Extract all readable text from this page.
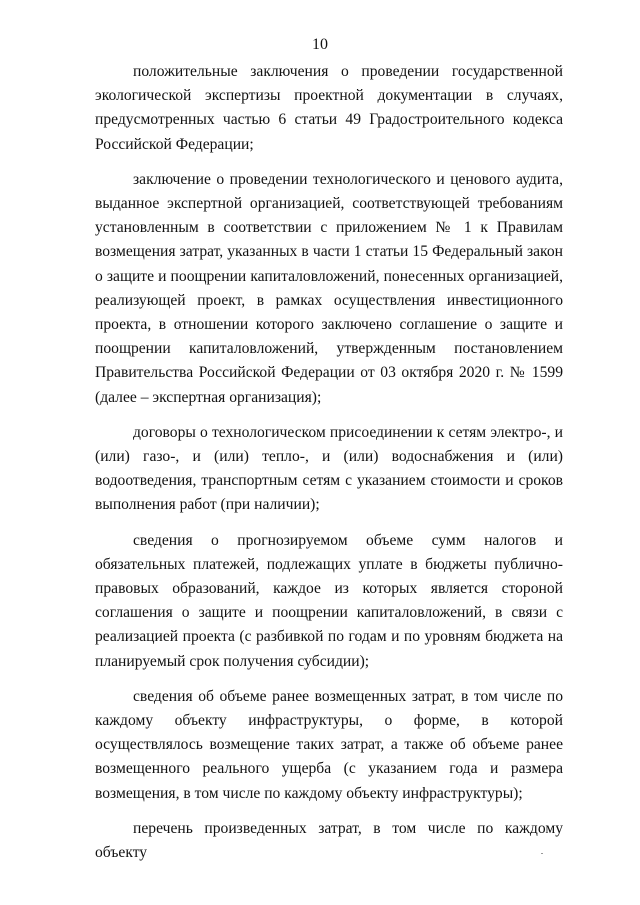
10

положительные заключения о проведении государственной экологической экспертизы проектной документации в случаях, предусмотренных частью 6 статьи 49 Градостроительного кодекса Российской Федерации;

заключение о проведении технологического и ценового аудита, выданное экспертной организацией, соответствующей требованиям установленным в соответствии с приложением № 1 к Правилам возмещения затрат, указанных в части 1 статьи 15 Федеральный закон о защите и поощрении капиталовложений, понесенных организацией, реализующей проект, в рамках осуществления инвестиционного проекта, в отношении которого заключено соглашение о защите и поощрении капиталовложений, утвержденным постановлением Правительства Российской Федерации от 03 октября 2020 г. № 1599 (далее – экспертная организация);

договоры о технологическом присоединении к сетям электро-, и (или) газо-, и (или) тепло-, и (или) водоснабжения и (или) водоотведения, транспортным сетям с указанием стоимости и сроков выполнения работ (при наличии);

сведения о прогнозируемом объеме сумм налогов и обязательных платежей, подлежащих уплате в бюджеты публично-правовых образований, каждое из которых является стороной соглашения о защите и поощрении капиталовложений, в связи с реализацией проекта (с разбивкой по годам и по уровням бюджета на планируемый срок получения субсидии);

сведения об объеме ранее возмещенных затрат, в том числе по каждому объекту инфраструктуры, о форме, в которой осуществлялось возмещение таких затрат, а также об объеме ранее возмещенного реального ущерба (с указанием года и размера возмещения, в том числе по каждому объекту инфраструктуры);

перечень произведенных затрат, в том числе по каждому объекту
